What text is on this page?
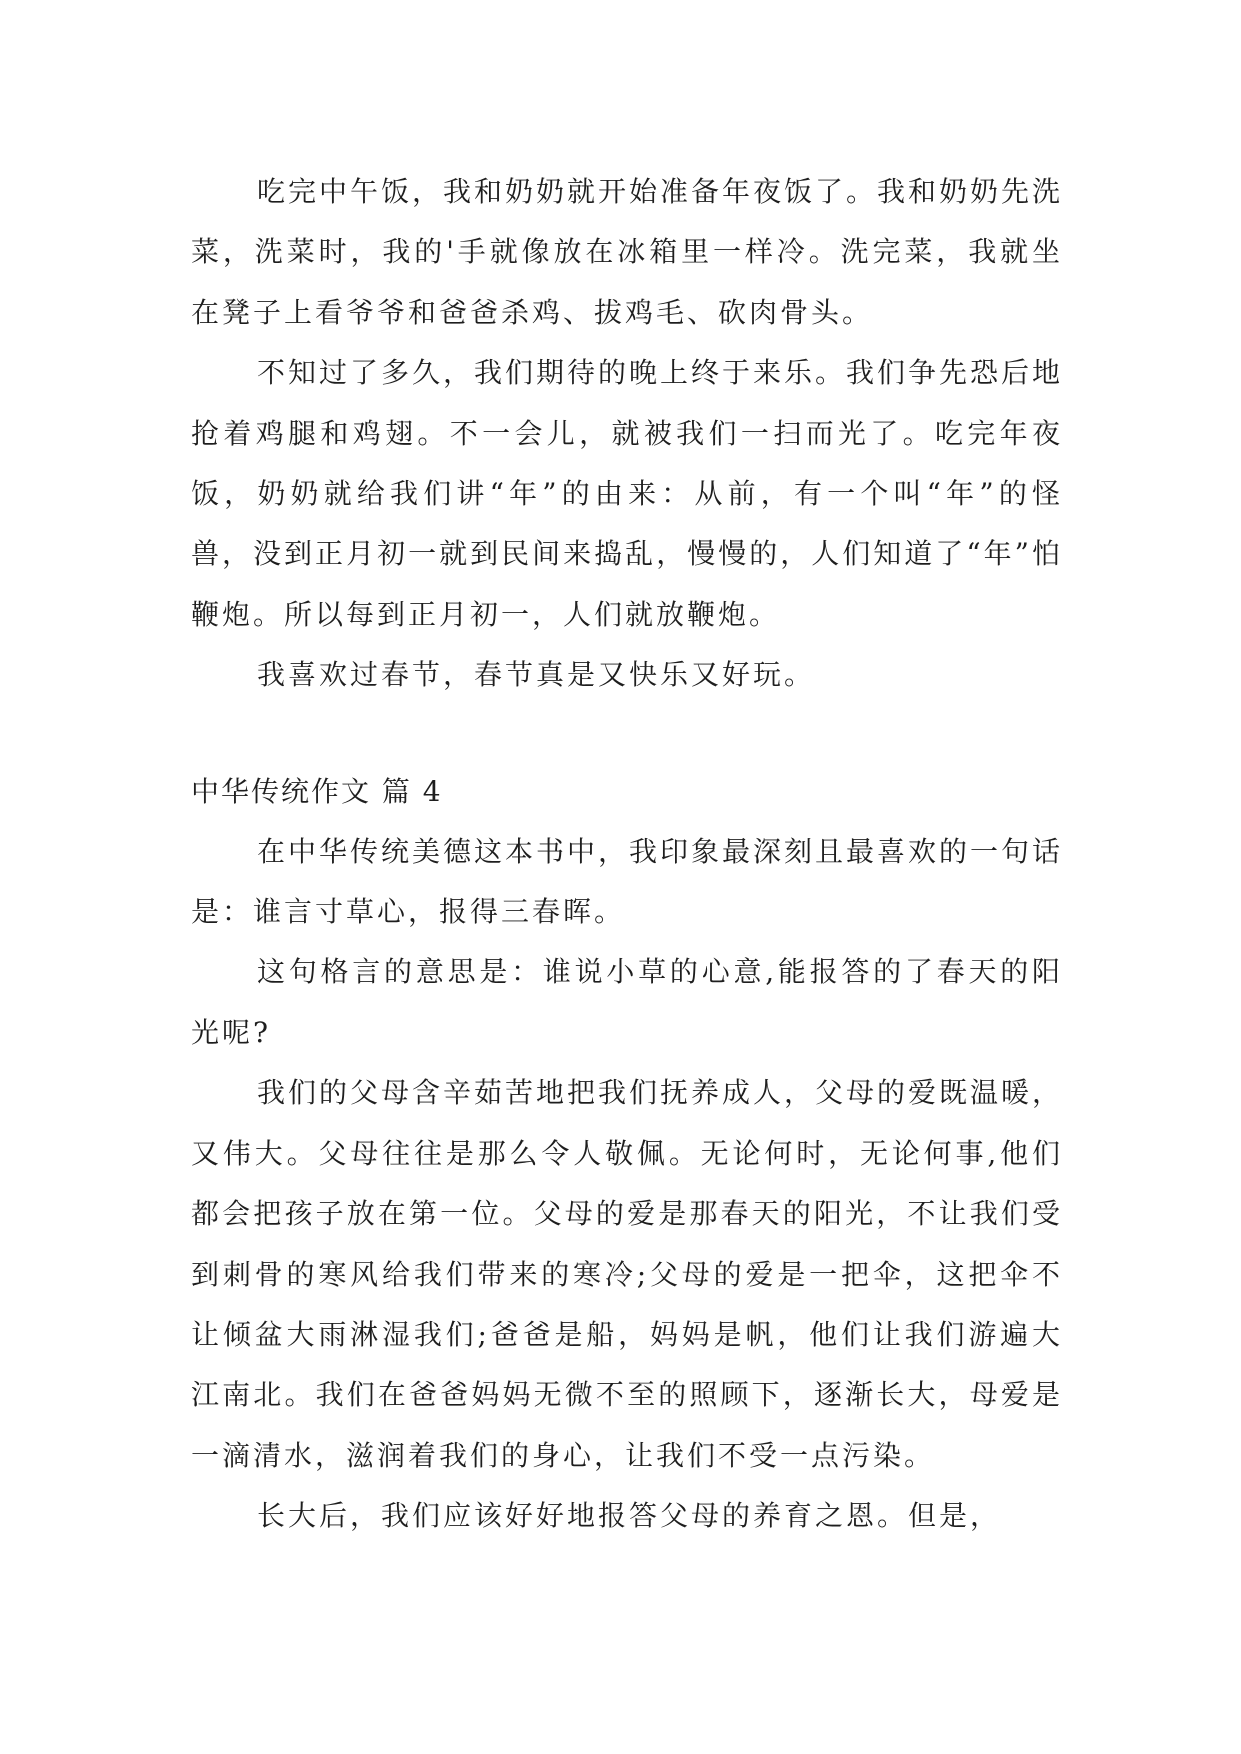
吃完中午饭，我和奶奶就开始准备年夜饭了。我和奶奶先洗菜，洗菜时，我的'手就像放在冰箱里一样冷。洗完菜，我就坐在凳子上看爷爷和爸爸杀鸡、拔鸡毛、砍肉骨头。

不知过了多久，我们期待的晚上终于来乐。我们争先恐后地抢着鸡腿和鸡翅。不一会儿，就被我们一扫而光了。吃完年夜饭，奶奶就给我们讲“年”的由来：从前，有一个叫“年”的怪兽，没到正月初一就到民间来捣乱，慢慢的，人们知道了“年”怕鞭炮。所以每到正月初一，人们就放鞭炮。

我喜欢过春节，春节真是又快乐又好玩。

中华传统作文 篇 4

在中华传统美德这本书中，我印象最深刻且最喜欢的一句话是：谁言寸草心，报得三春晖。

这句格言的意思是：谁说小草的心意,能报答的了春天的阳光呢?

我们的父母含辛茹苦地把我们抚养成人，父母的爱既温暖，又伟大。父母往往是那么令人敬佩。无论何时，无论何事,他们都会把孩子放在第一位。父母的爱是那春天的阳光，不让我们受到刺骨的寒风给我们带来的寒冷;父母的爱是一把伞，这把伞不让倾盆大雨淋湿我们;爸爸是船，妈妈是帆，他们让我们游遍大江南北。我们在爸爸妈妈无微不至的照顾下，逐渐长大，母爱是一滴清水，滋润着我们的身心，让我们不受一点污染。

长大后，我们应该好好地报答父母的养育之恩。但是，
